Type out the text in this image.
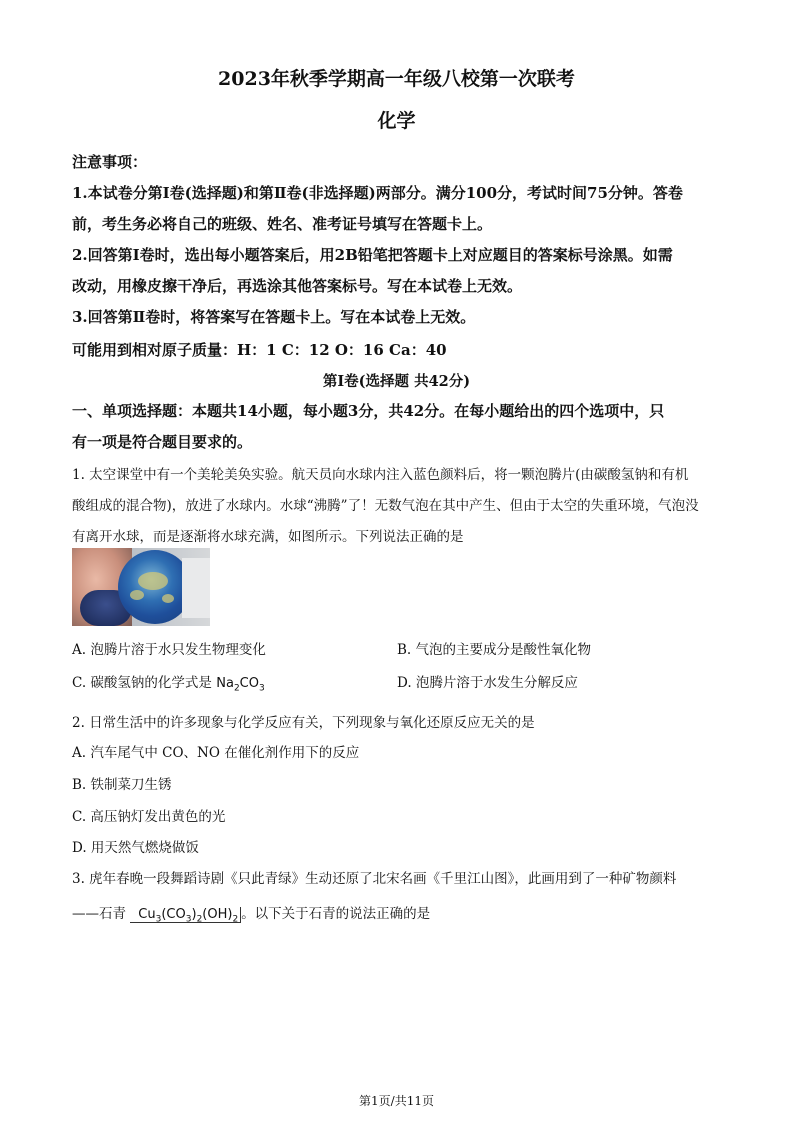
2023年秋季学期高一年级八校第一次联考
化学
注意事项：
1.本试卷分第Ⅰ卷(选择题)和第Ⅱ卷(非选择题)两部分。满分100分，考试时间75分钟。答卷
前，考生务必将自己的班级、姓名、准考证号填写在答题卡上。
2.回答第Ⅰ卷时，选出每小题答案后，用2B铅笔把答题卡上对应题目的答案标号涂黑。如需
改动，用橡皮擦干净后，再选涂其他答案标号。写在本试卷上无效。
3.回答第Ⅱ卷时，将答案写在答题卡上。写在本试卷上无效。
可能用到相对原子质量：H：1 C：12 O：16 Ca：40
第Ⅰ卷(选择题 共42分)
一、单项选择题：本题共14小题，每小题3分，共42分。在每小题给出的四个选项中，只
有一项是符合题目要求的。
1. 太空课堂中有一个美轮美奂实验。航天员向水球内注入蓝色颜料后，将一颗泡腾片(由碳酸氢钠和有机
酸组成的混合物)，放进了水球内。水球“沸腾”了！无数气泡在其中产生、但由于太空的失重环境，气泡没
有离开水球，而是逐渐将水球充满，如图所示。下列说法正确的是
A. 泡腾片溶于水只发生物理变化	B. 气泡的主要成分是酸性氧化物
C. 碳酸氢钠的化学式是 $Na_2CO_3$	D. 泡腾片溶于水发生分解反应
2. 日常生活中的许多现象与化学反应有关，下列现象与氧化还原反应无关的是
A. 汽车尾气中 CO、NO 在催化剂作用下的反应
B. 铁制菜刀生锈
C. 高压钠灯发出黄色的光
D. 用天然气燃烧做饭
3. 虎年春晚一段舞蹈诗剧《只此青绿》生动还原了北宋名画《千里江山图》，此画用到了一种矿物颜料
——石青 $Cu_3(CO_3)_2(OH)_2$ 。以下关于石青的说法正确的是
第1页/共11页
